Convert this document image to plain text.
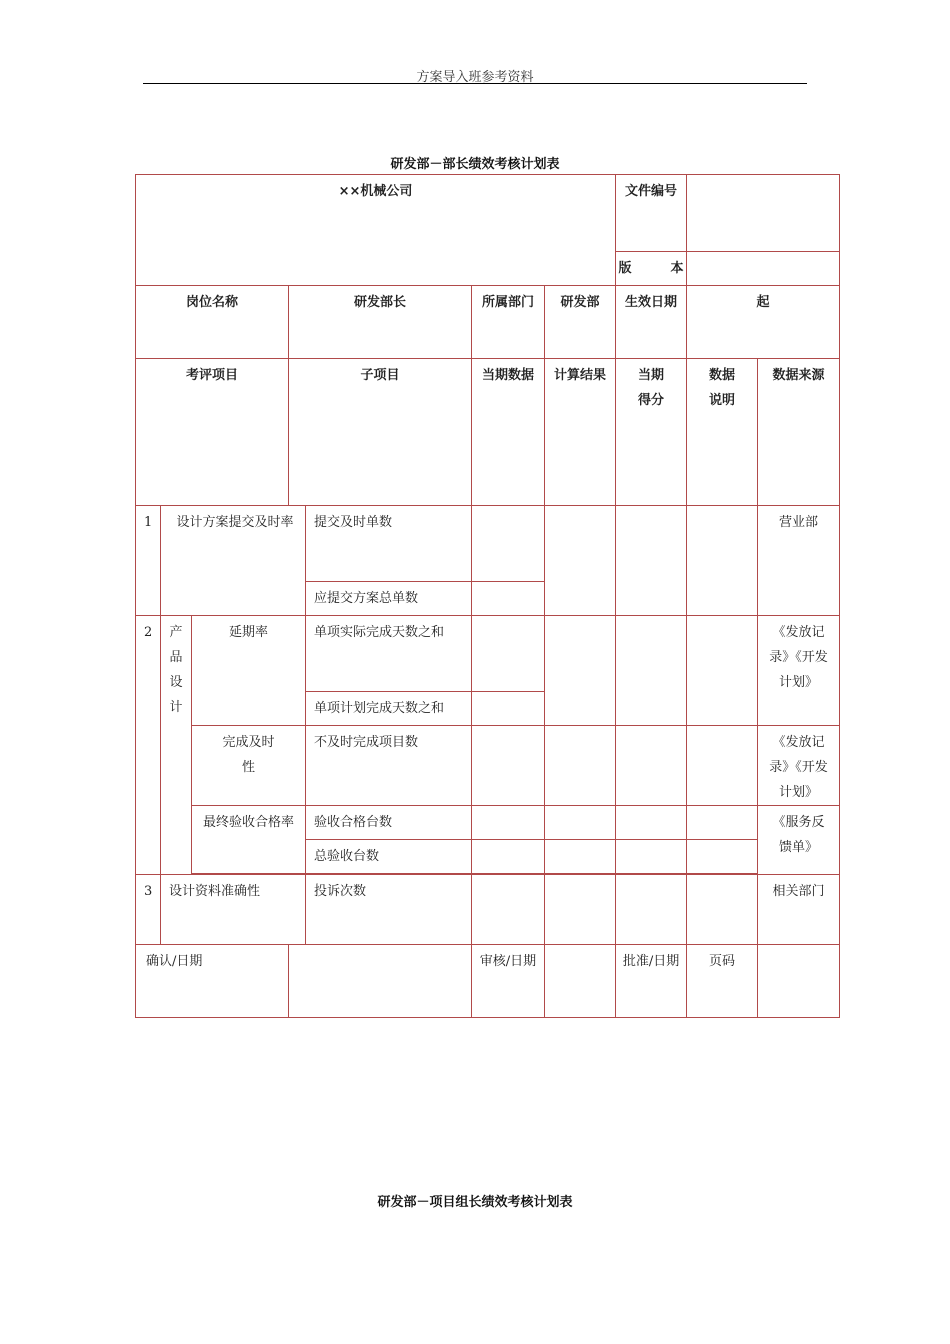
方案导入班参考资料
研发部－部长绩效考核计划表
××机械公司							文件编号		
							版　　　本		
岗位名称			研发部长		所属部门	研发部	生效日期	起	
考评项目			子项目		当期数据	计算结果	当期得分	数据说明	数据来源
1	设计方案提交及时率			提交及时单数					营业部
				应提交方案总单数					
2	产品设计	延期率		单项实际完成天数之和					《发放记录》《开发计划》
				单项计划完成天数之和					
		完成及时性		不及时完成项目数					《发放记录》《开发计划》
		最终验收合格率		验收合格台数					《服务反馈单》
				总验收台数					

3	设计资料准确性			投诉次数					相关部门
确认/日期					审核/日期		批准/日期	页码	
研发部－项目组长绩效考核计划表
